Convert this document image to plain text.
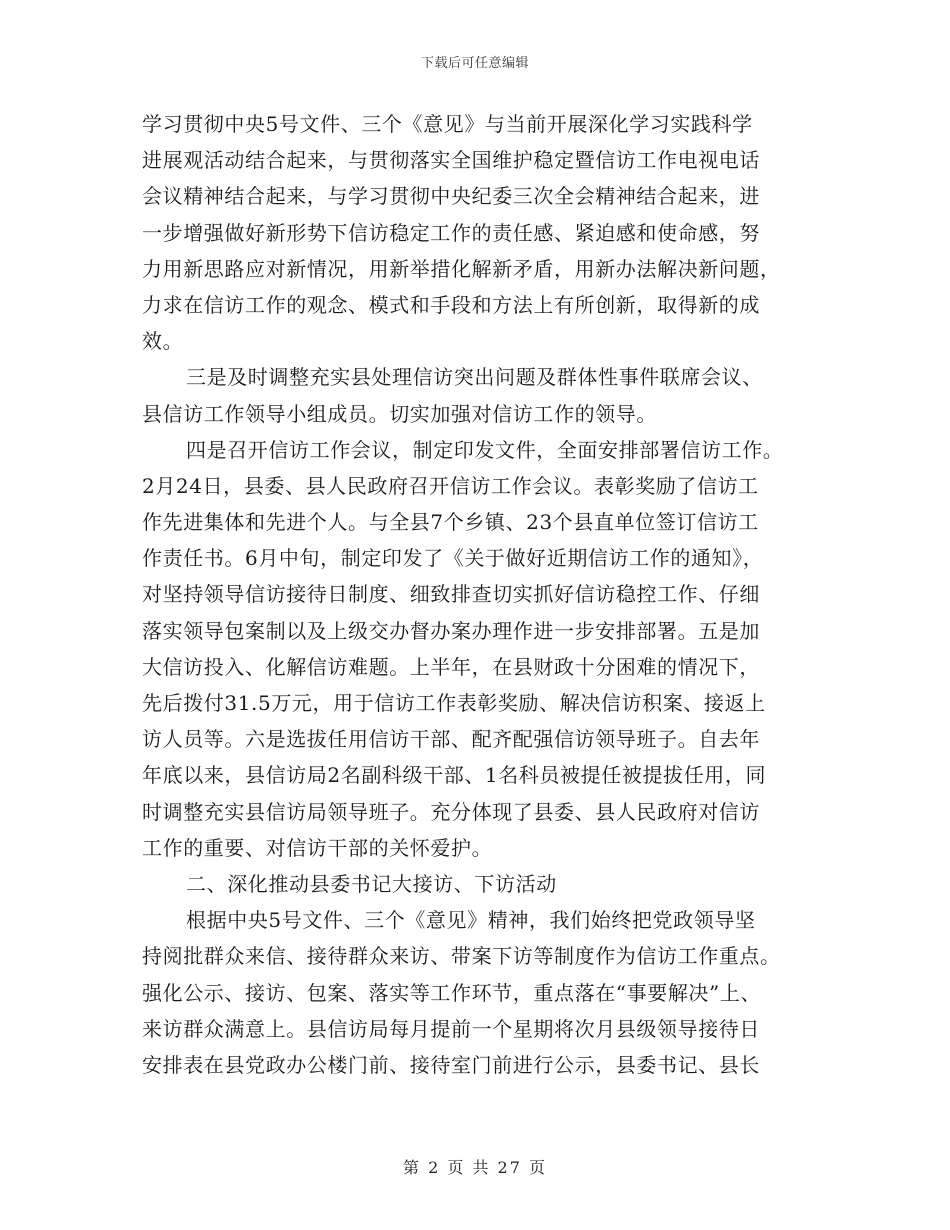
下载后可任意编辑
学习贯彻中央5号文件、三个《意见》与当前开展深化学习实践科学
进展观活动结合起来，与贯彻落实全国维护稳定暨信访工作电视电话
会议精神结合起来，与学习贯彻中央纪委三次全会精神结合起来，进
一步增强做好新形势下信访稳定工作的责任感、紧迫感和使命感，努
力用新思路应对新情况，用新举措化解新矛盾，用新办法解决新问题，
力求在信访工作的观念、模式和手段和方法上有所创新，取得新的成
效。
三是及时调整充实县处理信访突出问题及群体性事件联席会议、
县信访工作领导小组成员。切实加强对信访工作的领导。
四是召开信访工作会议，制定印发文件，全面安排部署信访工作。
2月24日，县委、县人民政府召开信访工作会议。表彰奖励了信访工
作先进集体和先进个人。与全县7个乡镇、23个县直单位签订信访工
作责任书。6月中旬，制定印发了《关于做好近期信访工作的通知》，
对坚持领导信访接待日制度、细致排查切实抓好信访稳控工作、仔细
落实领导包案制以及上级交办督办案办理作进一步安排部署。五是加
大信访投入、化解信访难题。上半年，在县财政十分困难的情况下，
先后拨付31.5万元，用于信访工作表彰奖励、解决信访积案、接返上
访人员等。六是选拔任用信访干部、配齐配强信访领导班子。自去年
年底以来，县信访局2名副科级干部、1名科员被提任被提拔任用，同
时调整充实县信访局领导班子。充分体现了县委、县人民政府对信访
工作的重要、对信访干部的关怀爱护。
二、深化推动县委书记大接访、下访活动
根据中央5号文件、三个《意见》精神，我们始终把党政领导坚
持阅批群众来信、接待群众来访、带案下访等制度作为信访工作重点。
强化公示、接访、包案、落实等工作环节，重点落在“事要解决”上、
来访群众满意上。县信访局每月提前一个星期将次月县级领导接待日
安排表在县党政办公楼门前、接待室门前进行公示，县委书记、县长
第 2 页 共 27 页
